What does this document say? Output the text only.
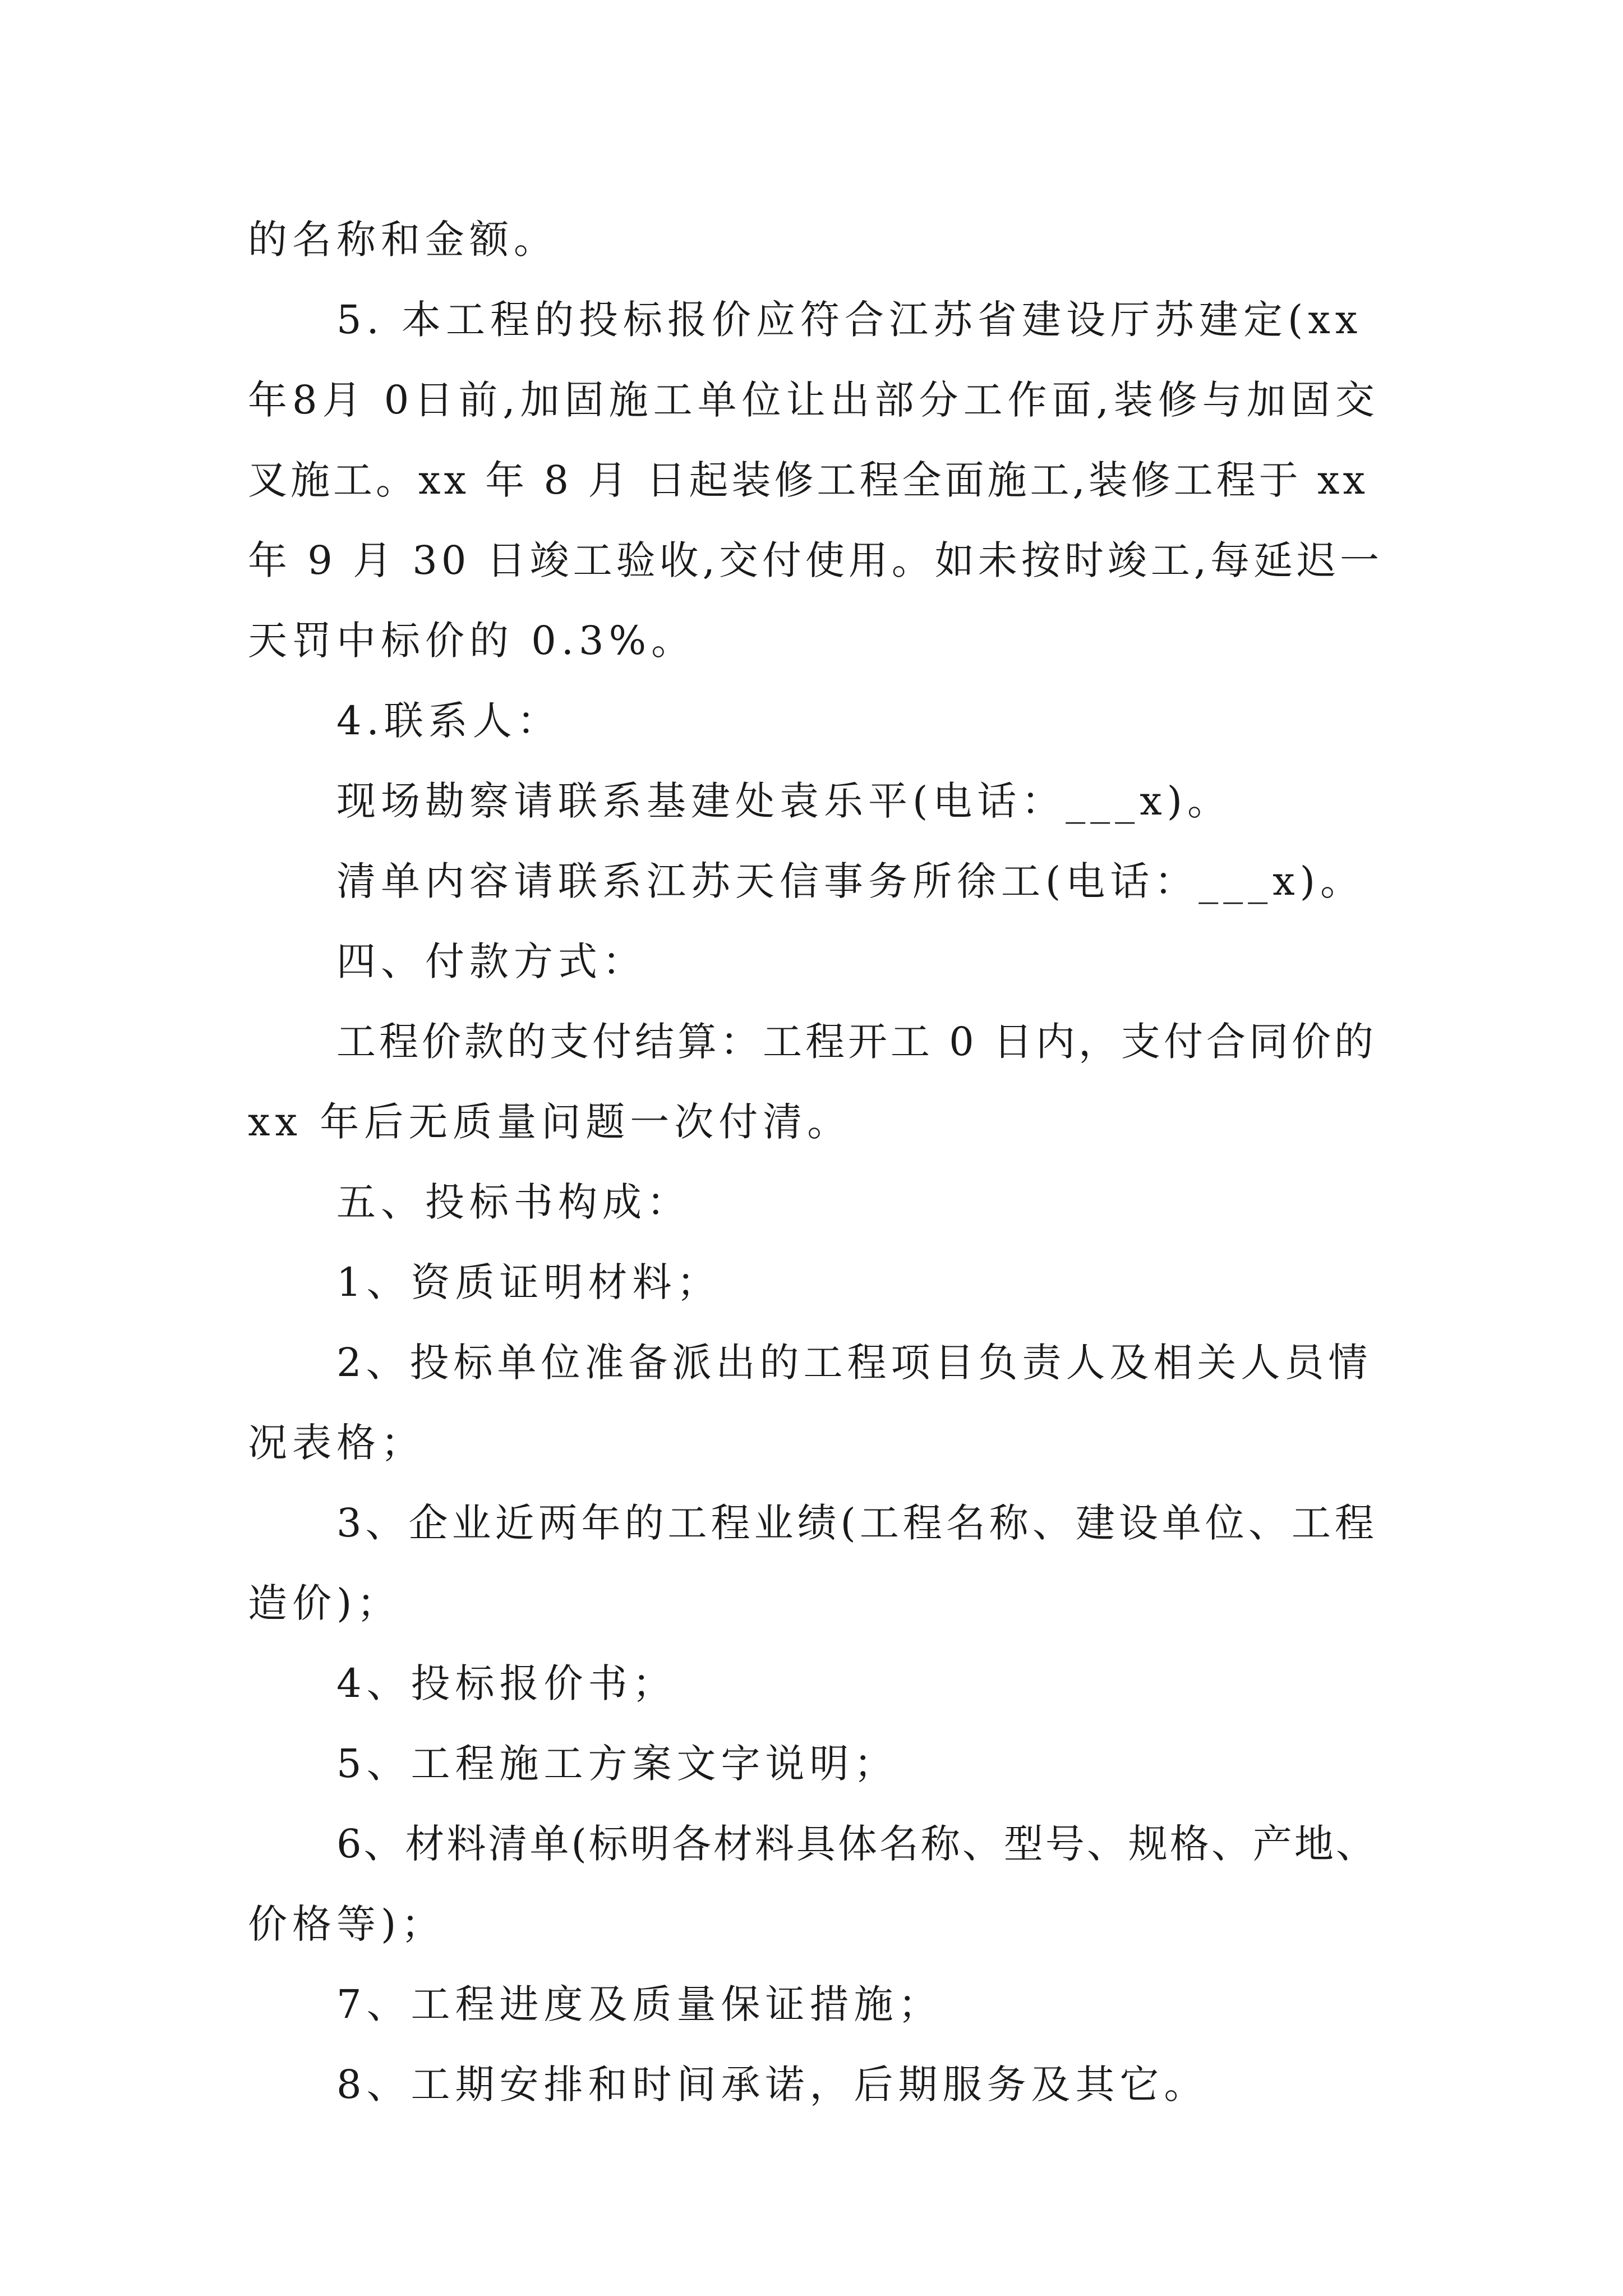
的名称和金额。
5. 本工程的投标报价应符合江苏省建设厅苏建定(xx
年8月 0日前,加固施工单位让出部分工作面,装修与加固交
叉施工。xx 年 8 月 日起装修工程全面施工,装修工程于 xx
年 9 月 30 日竣工验收,交付使用。如未按时竣工,每延迟一
天罚中标价的 0.3%。
4.联系人：
现场勘察请联系基建处袁乐平(电话：___x)。
清单内容请联系江苏天信事务所徐工(电话：___x)。
四、付款方式：
工程价款的支付结算：工程开工 0 日内，支付合同价的
xx 年后无质量问题一次付清。
五、投标书构成：
1、资质证明材料；
2、投标单位准备派出的工程项目负责人及相关人员情
况表格；
3、企业近两年的工程业绩(工程名称、建设单位、工程
造价)；
4、投标报价书；
5、工程施工方案文字说明；
6、材料清单(标明各材料具体名称、型号、规格、产地、
价格等)；
7、工程进度及质量保证措施；
8、工期安排和时间承诺，后期服务及其它。
